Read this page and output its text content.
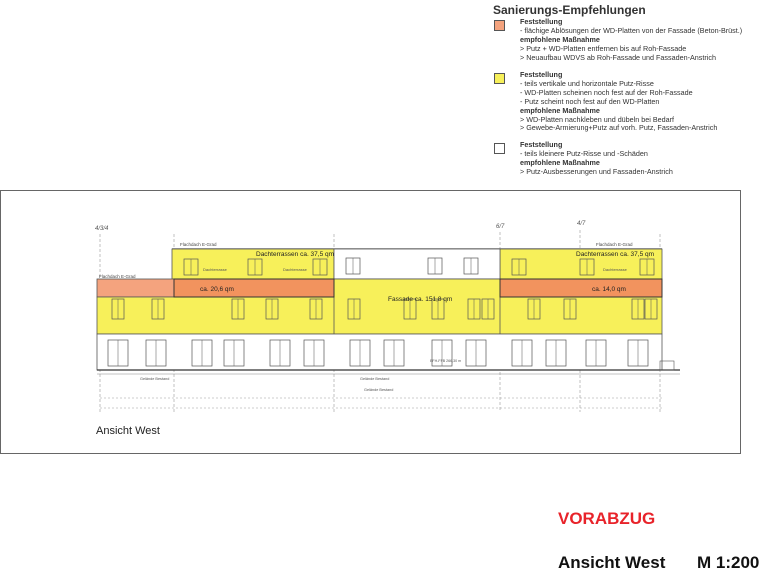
Sanierungs-Empfehlungen
Feststellung
- flächige Ablösungen der WD-Platten von der Fassade (Beton-Brüst.)
empfohlene Maßnahme
> Putz + WD-Platten entfernen bis auf Roh-Fassade
> Neuaufbau WDVS ab Roh-Fassade und Fassaden-Anstrich
Feststellung
- teils vertikale und horizontale Putz-Risse
- WD-Platten scheinen noch fest auf der Roh-Fassade
- Putz scheint noch fest auf den WD-Platten
empfohlene Maßnahme
> WD-Platten nachkleben und dübeln bei Bedarf
> Gewebe-Armierung+Putz auf vorh. Putz, Fassaden-Anstrich
Feststellung
- teils kleinere Putz-Risse und -Schäden
empfohlene Maßnahme
> Putz-Ausbesserungen und Fassaden-Anstrich
4/3/4	6/7	4/7
Flachdach E-Grad	Flachdach E-Grad
Flachdach E-Grad
Dachterrassen ca. 37,5 qm	Dachterrassen ca. 37,5 qm
Dachterrasse	Dachterrasse	Dachterrasse
ca. 20,6 qm	ca. 14,0 qm
Fassade ca. 151,8 qm
Gelände Bestand	Gelände Bestand
Gelände Bestand
EFH-FFB 266,30 m
Ansicht West
VORABZUG
Ansicht West M 1:200
